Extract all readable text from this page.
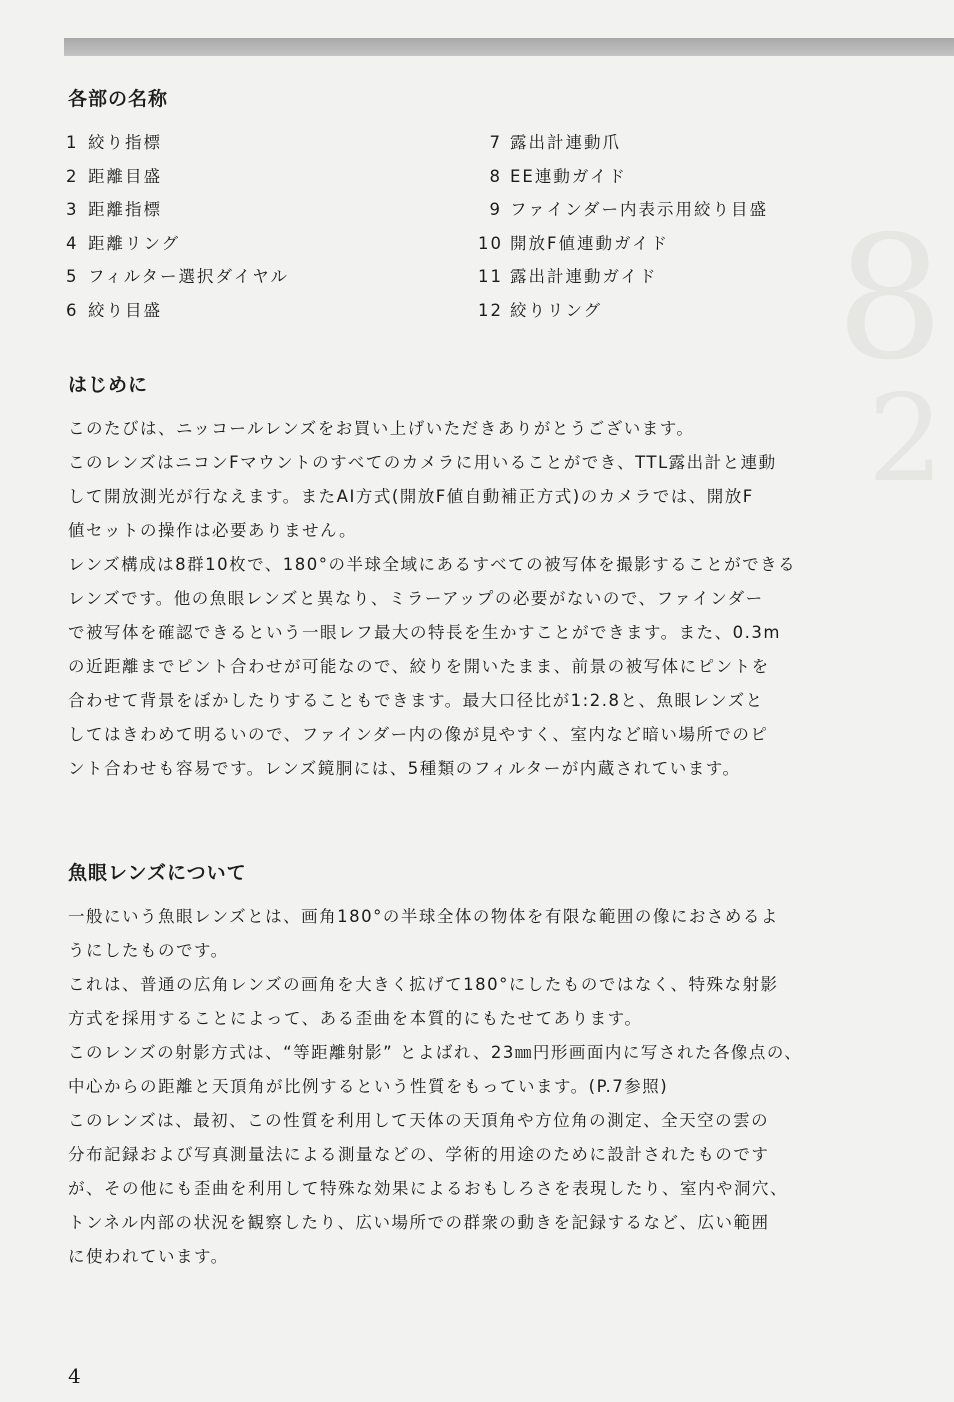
8
2
各部の名称
1 絞り指標
2 距離目盛
3 距離指標
4 距離リング
5 フィルター選択ダイヤル
6 絞り目盛
7 露出計連動爪
8 EE連動ガイド
9 ファインダー内表示用絞り目盛
10 開放F値連動ガイド
11 露出計連動ガイド
12 絞りリング
はじめに

このたびは、ニッコールレンズをお買い上げいただきありがとうございます。

このレンズはニコンFマウントのすべてのカメラに用いることができ、TTL露出計と連動
して開放測光が行なえます。またAI方式(開放F値自動補正方式)のカメラでは、開放F
値セットの操作は必要ありません。

レンズ構成は8群10枚で、180°の半球全域にあるすべての被写体を撮影することができる
レンズです。他の魚眼レンズと異なり、ミラーアップの必要がないので、ファインダー
で被写体を確認できるという一眼レフ最大の特長を生かすことができます。また、0.3m
の近距離までピント合わせが可能なので、絞りを開いたまま、前景の被写体にピントを
合わせて背景をぼかしたりすることもできます。最大口径比が1:2.8と、魚眼レンズと
してはきわめて明るいので、ファインダー内の像が見やすく、室内など暗い場所でのピ
ント合わせも容易です。レンズ鏡胴には、5種類のフィルターが内蔵されています。

魚眼レンズについて

一般にいう魚眼レンズとは、画角180°の半球全体の物体を有限な範囲の像におさめるよ
うにしたものです。

これは、普通の広角レンズの画角を大きく拡げて180°にしたものではなく、特殊な射影
方式を採用することによって、ある歪曲を本質的にもたせてあります。

このレンズの射影方式は、“等距離射影” とよばれ、23㎜円形画面内に写された各像点の、
中心からの距離と天頂角が比例するという性質をもっています。(P.7参照)

このレンズは、最初、この性質を利用して天体の天頂角や方位角の測定、全天空の雲の
分布記録および写真測量法による測量などの、学術的用途のために設計されたものです
が、その他にも歪曲を利用して特殊な効果によるおもしろさを表現したり、室内や洞穴、
トンネル内部の状況を観察したり、広い場所での群衆の動きを記録するなど、広い範囲
に使われています。

4
